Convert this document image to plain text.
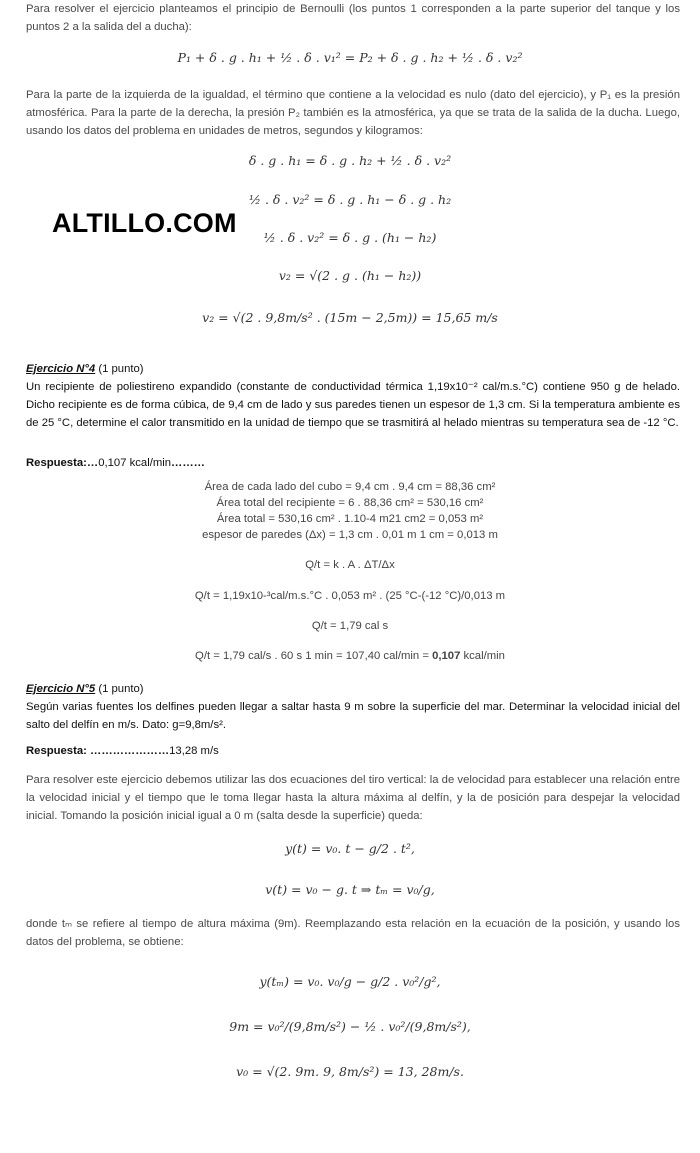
Para resolver el ejercicio planteamos el principio de Bernoulli (los puntos 1 corresponden a la parte superior del tanque y los puntos 2 a la salida del a ducha):
P₁ + δ . g . h₁ + ½ . δ . v₁² = P₂ + δ . g . h₂ + ½ . δ . v₂²
Para la parte de la izquierda de la igualdad, el término que contiene a la velocidad es nulo (dato del ejercicio), y P₁ es la presión atmosférica. Para la parte de la derecha, la presión P₂ también es la atmosférica, ya que se trata de la salida de la ducha. Luego, usando los datos del problema en unidades de metros, segundos y kilogramos:
δ . g . h₁ = δ . g . h₂ + ½ . δ . v₂²
½ . δ . v₂² = δ . g . h₁ − δ . g . h₂
½ . δ . v₂² = δ . g . (h₁ − h₂)
v₂ = √(2 . g . (h₁ − h₂))
v₂ = √(2 . 9,8m/s² . (15m − 2,5m)) = 15,65 m/s
ALTILLO.COM
Ejercicio N°4 (1 punto)
Un recipiente de poliestireno expandido (constante de conductividad térmica 1,19x10⁻² cal/m.s.°C) contiene 950 g de helado. Dicho recipiente es de forma cúbica, de 9,4 cm de lado y sus paredes tienen un espesor de 1,3 cm. Si la temperatura ambiente es de 25 °C, determine el calor transmitido en la unidad de tiempo que se trasmitirá al helado mientras su temperatura sea de -12 °C.
Respuesta:…0,107 kcal/min………
Área de cada lado del cubo = 9,4 cm . 9,4 cm = 88,36 cm²
Área total del recipiente = 6 . 88,36 cm² = 530,16 cm²
Área total = 530,16 cm² . 1.10-4 m21 cm2 = 0,053 m²
espesor de paredes (Δx) = 1,3 cm . 0,01 m 1 cm = 0,013 m
Q/t = k . A . ΔT/Δx
Q/t = 1,19x10-³cal/m.s.°C . 0,053 m² . (25 °C-(-12 °C)/0,013 m
Q/t = 1,79 cal s
Q/t = 1,79 cal/s . 60 s 1 min = 107,40 cal/min = 0,107 kcal/min
Ejercicio N°5 (1 punto)
Según varias fuentes los delfines pueden llegar a saltar hasta 9 m sobre la superficie del mar. Determinar la velocidad inicial del salto del delfín en m/s. Dato: g=9,8m/s².
Respuesta: …………………13,28 m/s
Para resolver este ejercicio debemos utilizar las dos ecuaciones del tiro vertical: la de velocidad para establecer una relación entre la velocidad inicial y el tiempo que le toma llegar hasta la altura máxima al delfín, y la de posición para despejar la velocidad inicial. Tomando la posición inicial igual a 0 m (salta desde la superficie) queda:
y(t) = v₀. t − g/2 . t²,
v(t) = v₀ − g. t ⇒ tₘ = v₀/g,
donde tₘ se refiere al tiempo de altura máxima (9m). Reemplazando esta relación en la ecuación de la posición, y usando los datos del problema, se obtiene:
y(tₘ) = v₀. v₀/g − g/2 . v₀²/g²,
9m = v₀²/(9,8m/s²) − ½ . v₀²/(9,8m/s²),
v₀ = √(2. 9m. 9, 8m/s²) = 13, 28m/s.
